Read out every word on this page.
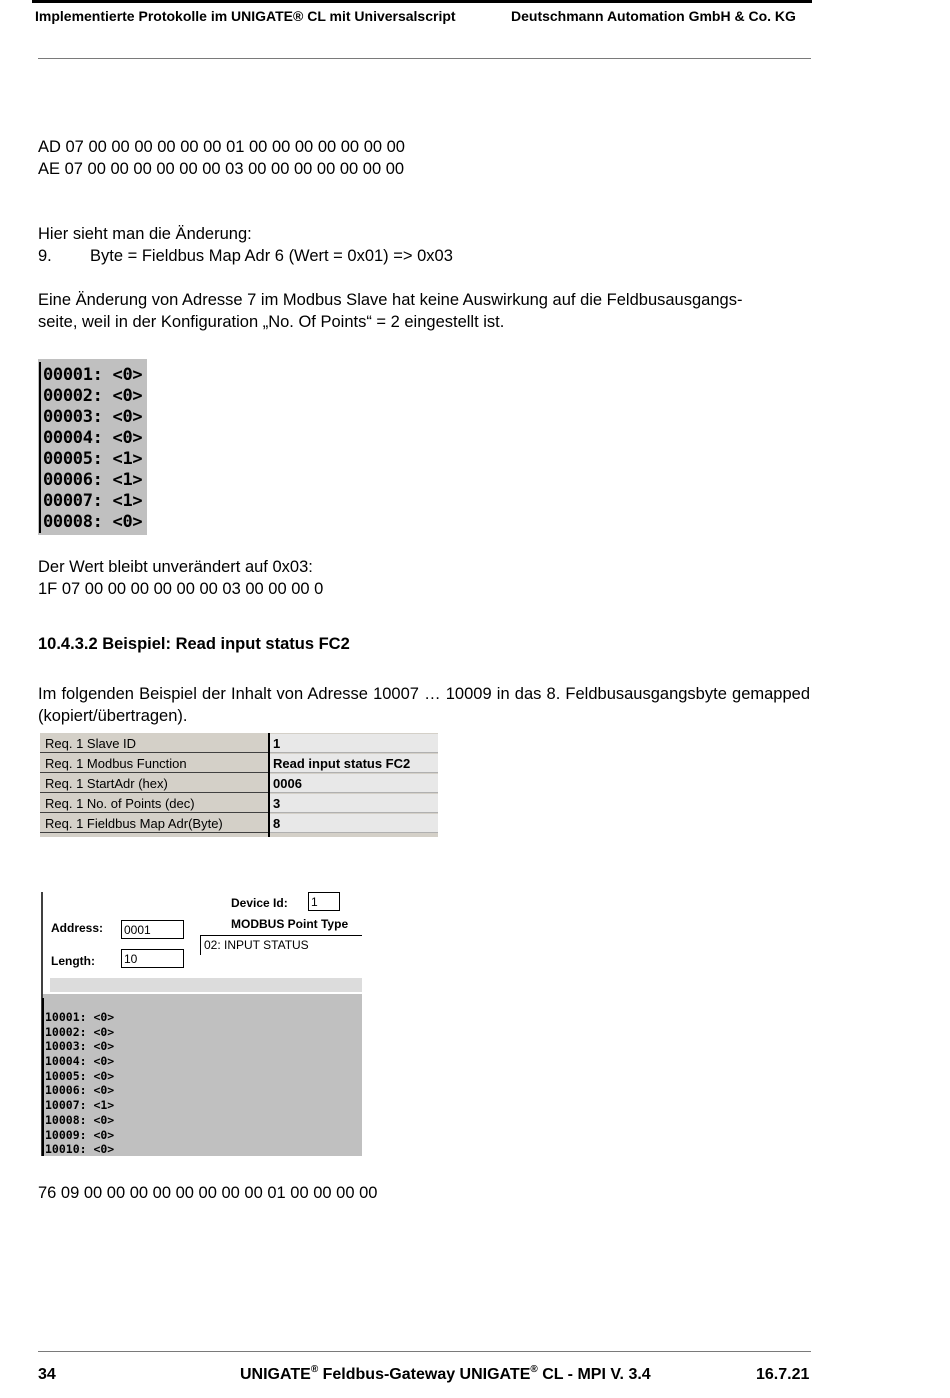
Implementierte Protokolle im UNIGATE® CL mit Universalscript	Deutschmann Automation GmbH & Co. KG
AD 07 00 00 00 00 00 00 01 00 00 00 00 00 00 00
AE 07 00 00 00 00 00 00 03 00 00 00 00 00 00 00
Hier sieht man die Änderung:
9. Byte = Fieldbus Map Adr 6 (Wert = 0x01) => 0x03
Eine Änderung von Adresse 7 im Modbus Slave hat keine Auswirkung auf die Feldbusausgangs-
seite, weil in der Konfiguration „No. Of Points“ = 2 eingestellt ist.
00001: <0>
00002: <0>
00003: <0>
00004: <0>
00005: <1>
00006: <1>
00007: <1>
00008: <0>
Der Wert bleibt unverändert auf 0x03:
1F 07 00 00 00 00 00 00 03 00 00 00 0
10.4.3.2 Beispiel: Read input status FC2
Im folgenden Beispiel der Inhalt von Adresse 10007 … 10009 in das 8. Feldbusausgangsbyte gemapped (kopiert/übertragen).
Req. 1 Slave ID	1
Req. 1 Modbus Function	Read input status FC2
Req. 1 StartAdr (hex)	0006
Req. 1 No. of Points (dec)	3
Req. 1 Fieldbus Map Adr(Byte)	8
Device Id: 1
MODBUS Point Type
02: INPUT STATUS
Address: 0001
Length: 10
10001: <0>
10002: <0>
10003: <0>
10004: <0>
10005: <0>
10006: <0>
10007: <1>
10008: <0>
10009: <0>
10010: <0>
76 09 00 00 00 00 00 00 00 00 01 00 00 00 00
34	UNIGATE® Feldbus-Gateway UNIGATE® CL - MPI V. 3.4	16.7.21
